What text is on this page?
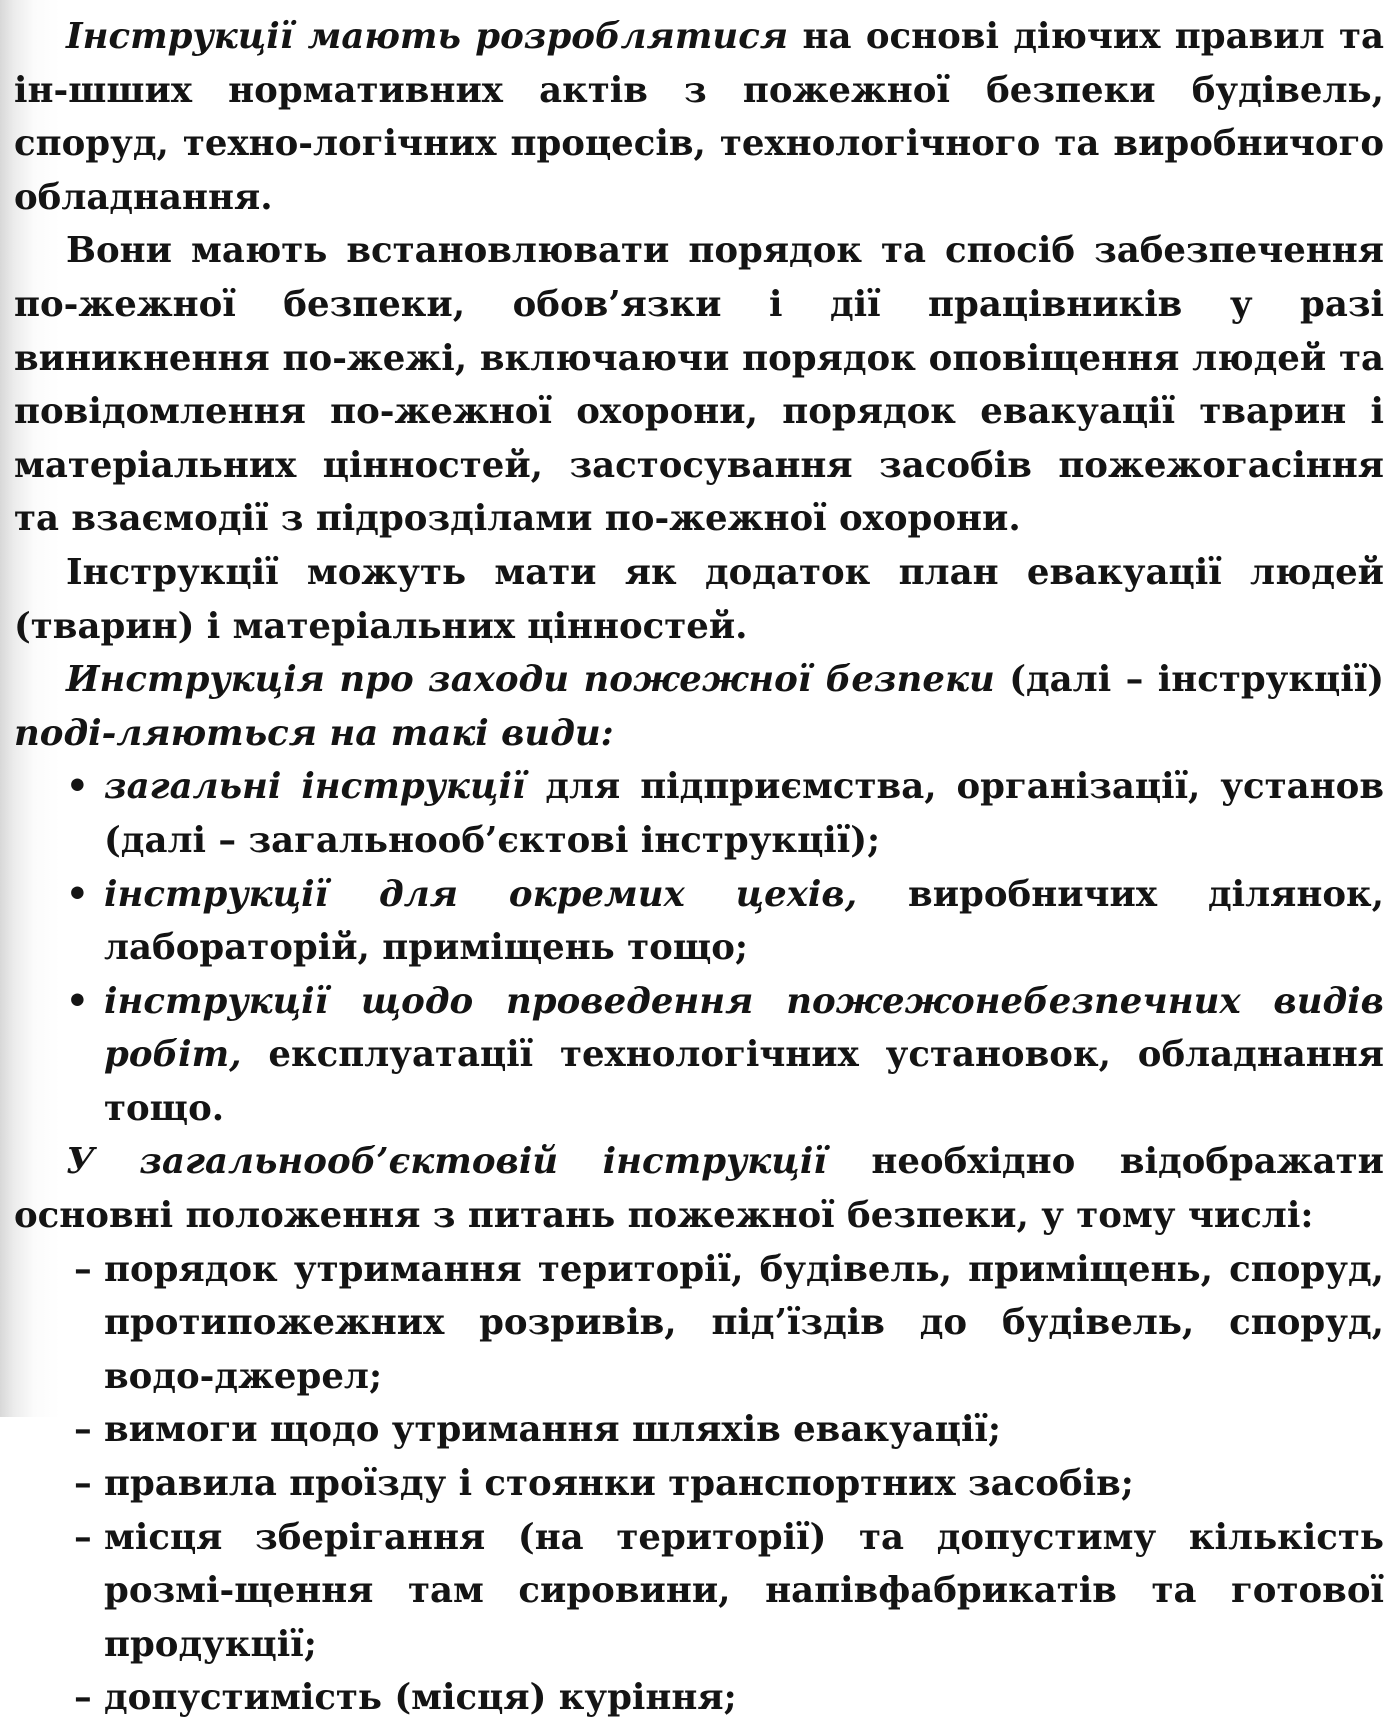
Інструкції мають розроблятися на основі діючих правил та ін-шших нормативних актів з пожежної безпеки будівель, споруд, техно-логічних процесів, технологічного та виробничого обладнання.

Вони мають встановлювати порядок та спосіб забезпечення по-жежної безпеки, обов’язки і дії працівників у разі виникнення по-жежі, включаючи порядок оповіщення людей та повідомлення по-жежної охорони, порядок евакуації тварин і матеріальних цінностей, застосування засобів пожежогасіння та взаємодії з підрозділами по-жежної охорони.

Інструкції можуть мати як додаток план евакуації людей (тварин) і матеріальних цінностей.

Инструкція про заходи пожежної безпеки (далі – інструкції) поді-ляються на такі види:

• загальні інструкції для підприємства, організації, установ (далі – загальнооб’єктові інструкції);
• інструкції для окремих цехів, виробничих ділянок, лабораторій, приміщень тощо;
• інструкції щодо проведення пожежонебезпечних видів робіт, експлуатації технологічних установок, обладнання тощо.

У загальнооб’єктовій інструкції необхідно відображати основні положення з питань пожежної безпеки, у тому числі:

– порядок утримання території, будівель, приміщень, споруд, протипожежних розривів, під’їздів до будівель, споруд, водо-джерел;
– вимоги щодо утримання шляхів евакуації;
– правила проїзду і стоянки транспортних засобів;
– місця зберігання (на території) та допустиму кількість розмі-щення там сировини, напівфабрикатів та готової продукції;
– допустимість (місця) куріння;
